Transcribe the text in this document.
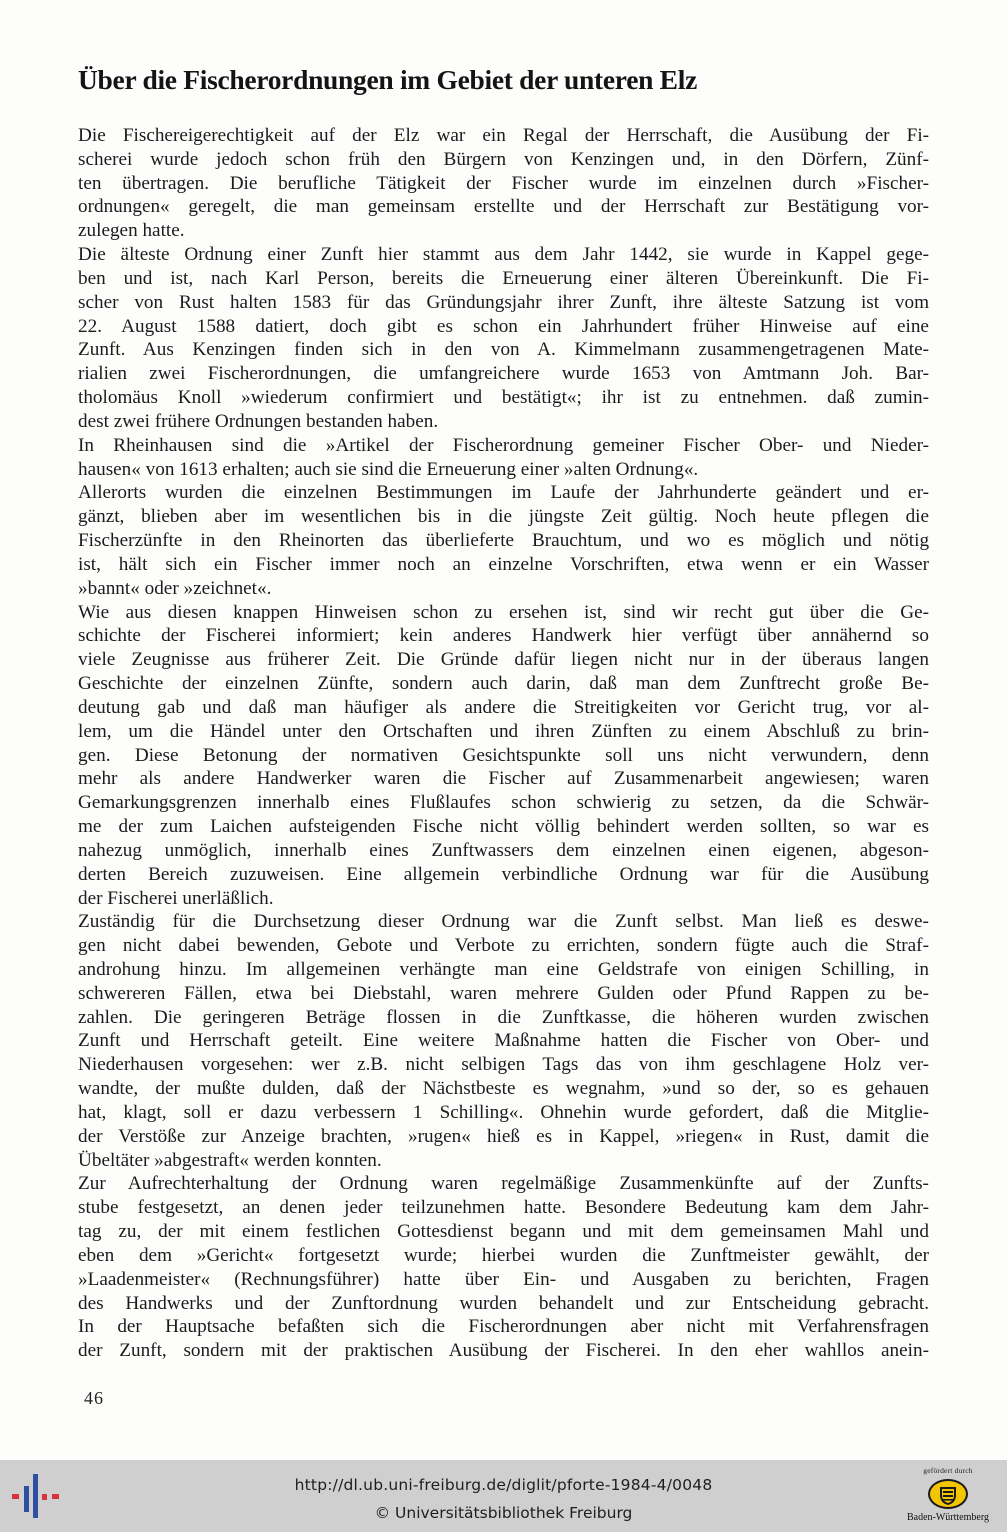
Über die Fischerordnungen im Gebiet der unteren Elz
Die Fischereigerechtigkeit auf der Elz war ein Regal der Herrschaft, die Ausübung der Fi-
scherei wurde jedoch schon früh den Bürgern von Kenzingen und, in den Dörfern, Zünf-
ten übertragen. Die berufliche Tätigkeit der Fischer wurde im einzelnen durch »Fischer-
ordnungen« geregelt, die man gemeinsam erstellte und der Herrschaft zur Bestätigung vor-
zulegen hatte.
Die älteste Ordnung einer Zunft hier stammt aus dem Jahr 1442, sie wurde in Kappel gege-
ben und ist, nach Karl Person, bereits die Erneuerung einer älteren Übereinkunft. Die Fi-
scher von Rust halten 1583 für das Gründungsjahr ihrer Zunft, ihre älteste Satzung ist vom
22. August 1588 datiert, doch gibt es schon ein Jahrhundert früher Hinweise auf eine
Zunft. Aus Kenzingen finden sich in den von A. Kimmelmann zusammengetragenen Mate-
rialien zwei Fischerordnungen, die umfangreichere wurde 1653 von Amtmann Joh. Bar-
tholomäus Knoll »wiederum confirmiert und bestätigt«; ihr ist zu entnehmen. daß zumin-
dest zwei frühere Ordnungen bestanden haben.
In Rheinhausen sind die »Artikel der Fischerordnung gemeiner Fischer Ober- und Nieder-
hausen« von 1613 erhalten; auch sie sind die Erneuerung einer »alten Ordnung«.
Allerorts wurden die einzelnen Bestimmungen im Laufe der Jahrhunderte geändert und er-
gänzt, blieben aber im wesentlichen bis in die jüngste Zeit gültig. Noch heute pflegen die
Fischerzünfte in den Rheinorten das überlieferte Brauchtum, und wo es möglich und nötig
ist, hält sich ein Fischer immer noch an einzelne Vorschriften, etwa wenn er ein Wasser
»bannt« oder »zeichnet«.
Wie aus diesen knappen Hinweisen schon zu ersehen ist, sind wir recht gut über die Ge-
schichte der Fischerei informiert; kein anderes Handwerk hier verfügt über annähernd so
viele Zeugnisse aus früherer Zeit. Die Gründe dafür liegen nicht nur in der überaus langen
Geschichte der einzelnen Zünfte, sondern auch darin, daß man dem Zunftrecht große Be-
deutung gab und daß man häufiger als andere die Streitigkeiten vor Gericht trug, vor al-
lem, um die Händel unter den Ortschaften und ihren Zünften zu einem Abschluß zu brin-
gen. Diese Betonung der normativen Gesichtspunkte soll uns nicht verwundern, denn
mehr als andere Handwerker waren die Fischer auf Zusammenarbeit angewiesen; waren
Gemarkungsgrenzen innerhalb eines Flußlaufes schon schwierig zu setzen, da die Schwär-
me der zum Laichen aufsteigenden Fische nicht völlig behindert werden sollten, so war es
nahezug unmöglich, innerhalb eines Zunftwassers dem einzelnen einen eigenen, abgeson-
derten Bereich zuzuweisen. Eine allgemein verbindliche Ordnung war für die Ausübung
der Fischerei unerläßlich.
Zuständig für die Durchsetzung dieser Ordnung war die Zunft selbst. Man ließ es deswe-
gen nicht dabei bewenden, Gebote und Verbote zu errichten, sondern fügte auch die Straf-
androhung hinzu. Im allgemeinen verhängte man eine Geldstrafe von einigen Schilling, in
schwereren Fällen, etwa bei Diebstahl, waren mehrere Gulden oder Pfund Rappen zu be-
zahlen. Die geringeren Beträge flossen in die Zunftkasse, die höheren wurden zwischen
Zunft und Herrschaft geteilt. Eine weitere Maßnahme hatten die Fischer von Ober- und
Niederhausen vorgesehen: wer z.B. nicht selbigen Tags das von ihm geschlagene Holz ver-
wandte, der mußte dulden, daß der Nächstbeste es wegnahm, »und so der, so es gehauen
hat, klagt, soll er dazu verbessern 1 Schilling«. Ohnehin wurde gefordert, daß die Mitglie-
der Verstöße zur Anzeige brachten, »rugen« hieß es in Kappel, »riegen« in Rust, damit die
Übeltäter »abgestraft« werden konnten.
Zur Aufrechterhaltung der Ordnung waren regelmäßige Zusammenkünfte auf der Zunfts-
stube festgesetzt, an denen jeder teilzunehmen hatte. Besondere Bedeutung kam dem Jahr-
tag zu, der mit einem festlichen Gottesdienst begann und mit dem gemeinsamen Mahl und
eben dem »Gericht« fortgesetzt wurde; hierbei wurden die Zunftmeister gewählt, der
»Laadenmeister« (Rechnungsführer) hatte über Ein- und Ausgaben zu berichten, Fragen
des Handwerks und der Zunftordnung wurden behandelt und zur Entscheidung gebracht.
In der Hauptsache befaßten sich die Fischerordnungen aber nicht mit Verfahrensfragen
der Zunft, sondern mit der praktischen Ausübung der Fischerei. In den eher wahllos anein-
46
http://dl.ub.uni-freiburg.de/diglit/pforte-1984-4/0048
© Universitätsbibliothek Freiburg
gefördert durch
Baden-Württemberg
